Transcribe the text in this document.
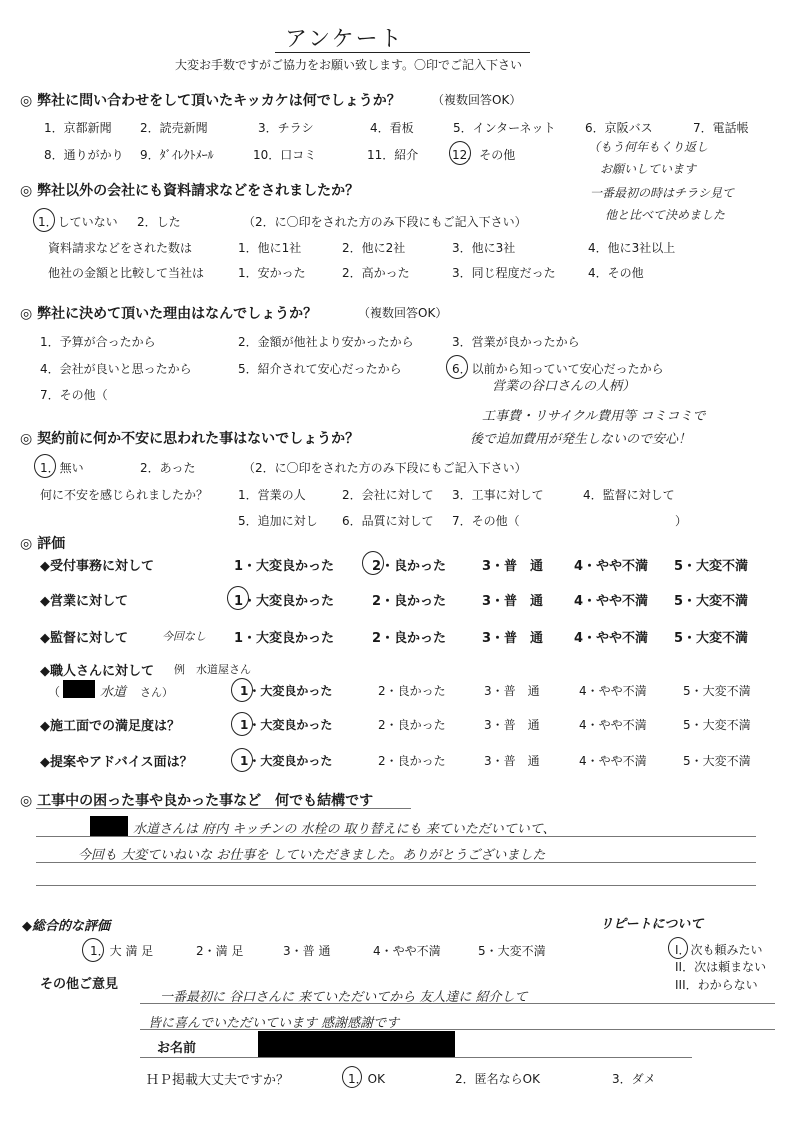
アンケート
大変お手数ですがご協力をお願い致します。〇印でご記入下さい
◎ 弊社に問い合わせをして頂いたキッカケは何でしょうか？	（複数回答OK）
1．京都新聞 2．読売新聞	3．チラシ	4．看板	5．インターネット 6．京阪バス	7．電話帳
8．通りがかり 9．ﾀﾞｲﾚｸﾄﾒｰﾙ	10．口コミ	11．紹介	12．その他
（もう何年もくり返し
お願いしています
一番最初の時はチラシ見て
他と比べて決めました
◎ 弊社以外の会社にも資料請求などをされましたか？
1．していない 2．した	（2．に〇印をされた方のみ下段にもご記入下さい）
資料請求などをされた数は	1．他に1社	2．他に2社	3．他に3社	4．他に3社以上
他社の金額と比較して当社は	1．安かった	2．高かった	3．同じ程度だった	4．その他
◎ 弊社に決めて頂いた理由はなんでしょうか？	（複数回答OK）
1．予算が合ったから	2．金額が他社より安かったから	3．営業が良かったから
4．会社が良いと思ったから	5．紹介されて安心だったから	6．以前から知っていて安心だったから
7．その他（
営業の谷口さんの人柄）
工事費・リサイクル費用等 コミコミで
後で追加費用が発生しないので安心！
◎ 契約前に何か不安に思われた事はないでしょうか？
1．無い	2．あった	（2．に〇印をされた方のみ下段にもご記入下さい）
何に不安を感じられましたか？ 1．営業の人	2．会社に対して 3．工事に対して	4．監督に対して
5．追加に対し 6．品質に対して 7．その他（	）
◎ 評価
◆受付事務に対して	1・大変良かった	2・良かった	3・普　通 4・やや不満 5・大変不満
◆営業に対して	1・大変良かった	2・良かった	3・普　通 4・やや不満 5・大変不満
◆監督に対して	今回なし 1・大変良かった	2・良かった	3・普　通 4・やや不満 5・大変不満
◆職人さんに対して 例　水道屋さん
（	水道 さん）	1・大変良かった	2・良かった	3・普　通	4・やや不満	5・大変不満
◆施工面での満足度は？	1・大変良かった	2・良かった	3・普　通	4・やや不満	5・大変不満
◆提案やアドバイス面は？	1・大変良かった	2・良かった	3・普　通	4・やや不満	5・大変不満
◎ 工事中の困った事や良かった事など　何でも結構です
水道さんは 府内 キッチンの 水栓の 取り替えにも 来ていただいていて、
今回も 大変ていねいな お仕事を していただきました。ありがとうございました
◆総合的な評価	リピートについて
1．大 満 足	2・満 足	3・普 通	4・やや不満	5・大変不満	I．次も頼みたい
II．次は頼まない
III．わからない
その他ご意見
一番最初に 谷口さんに 来ていただいてから 友人達に 紹介して
皆に喜んでいただいています 感謝感謝です
お名前
ＨＰ掲載大丈夫ですか？	1．OK	2．匿名ならOK	3．ダメ
